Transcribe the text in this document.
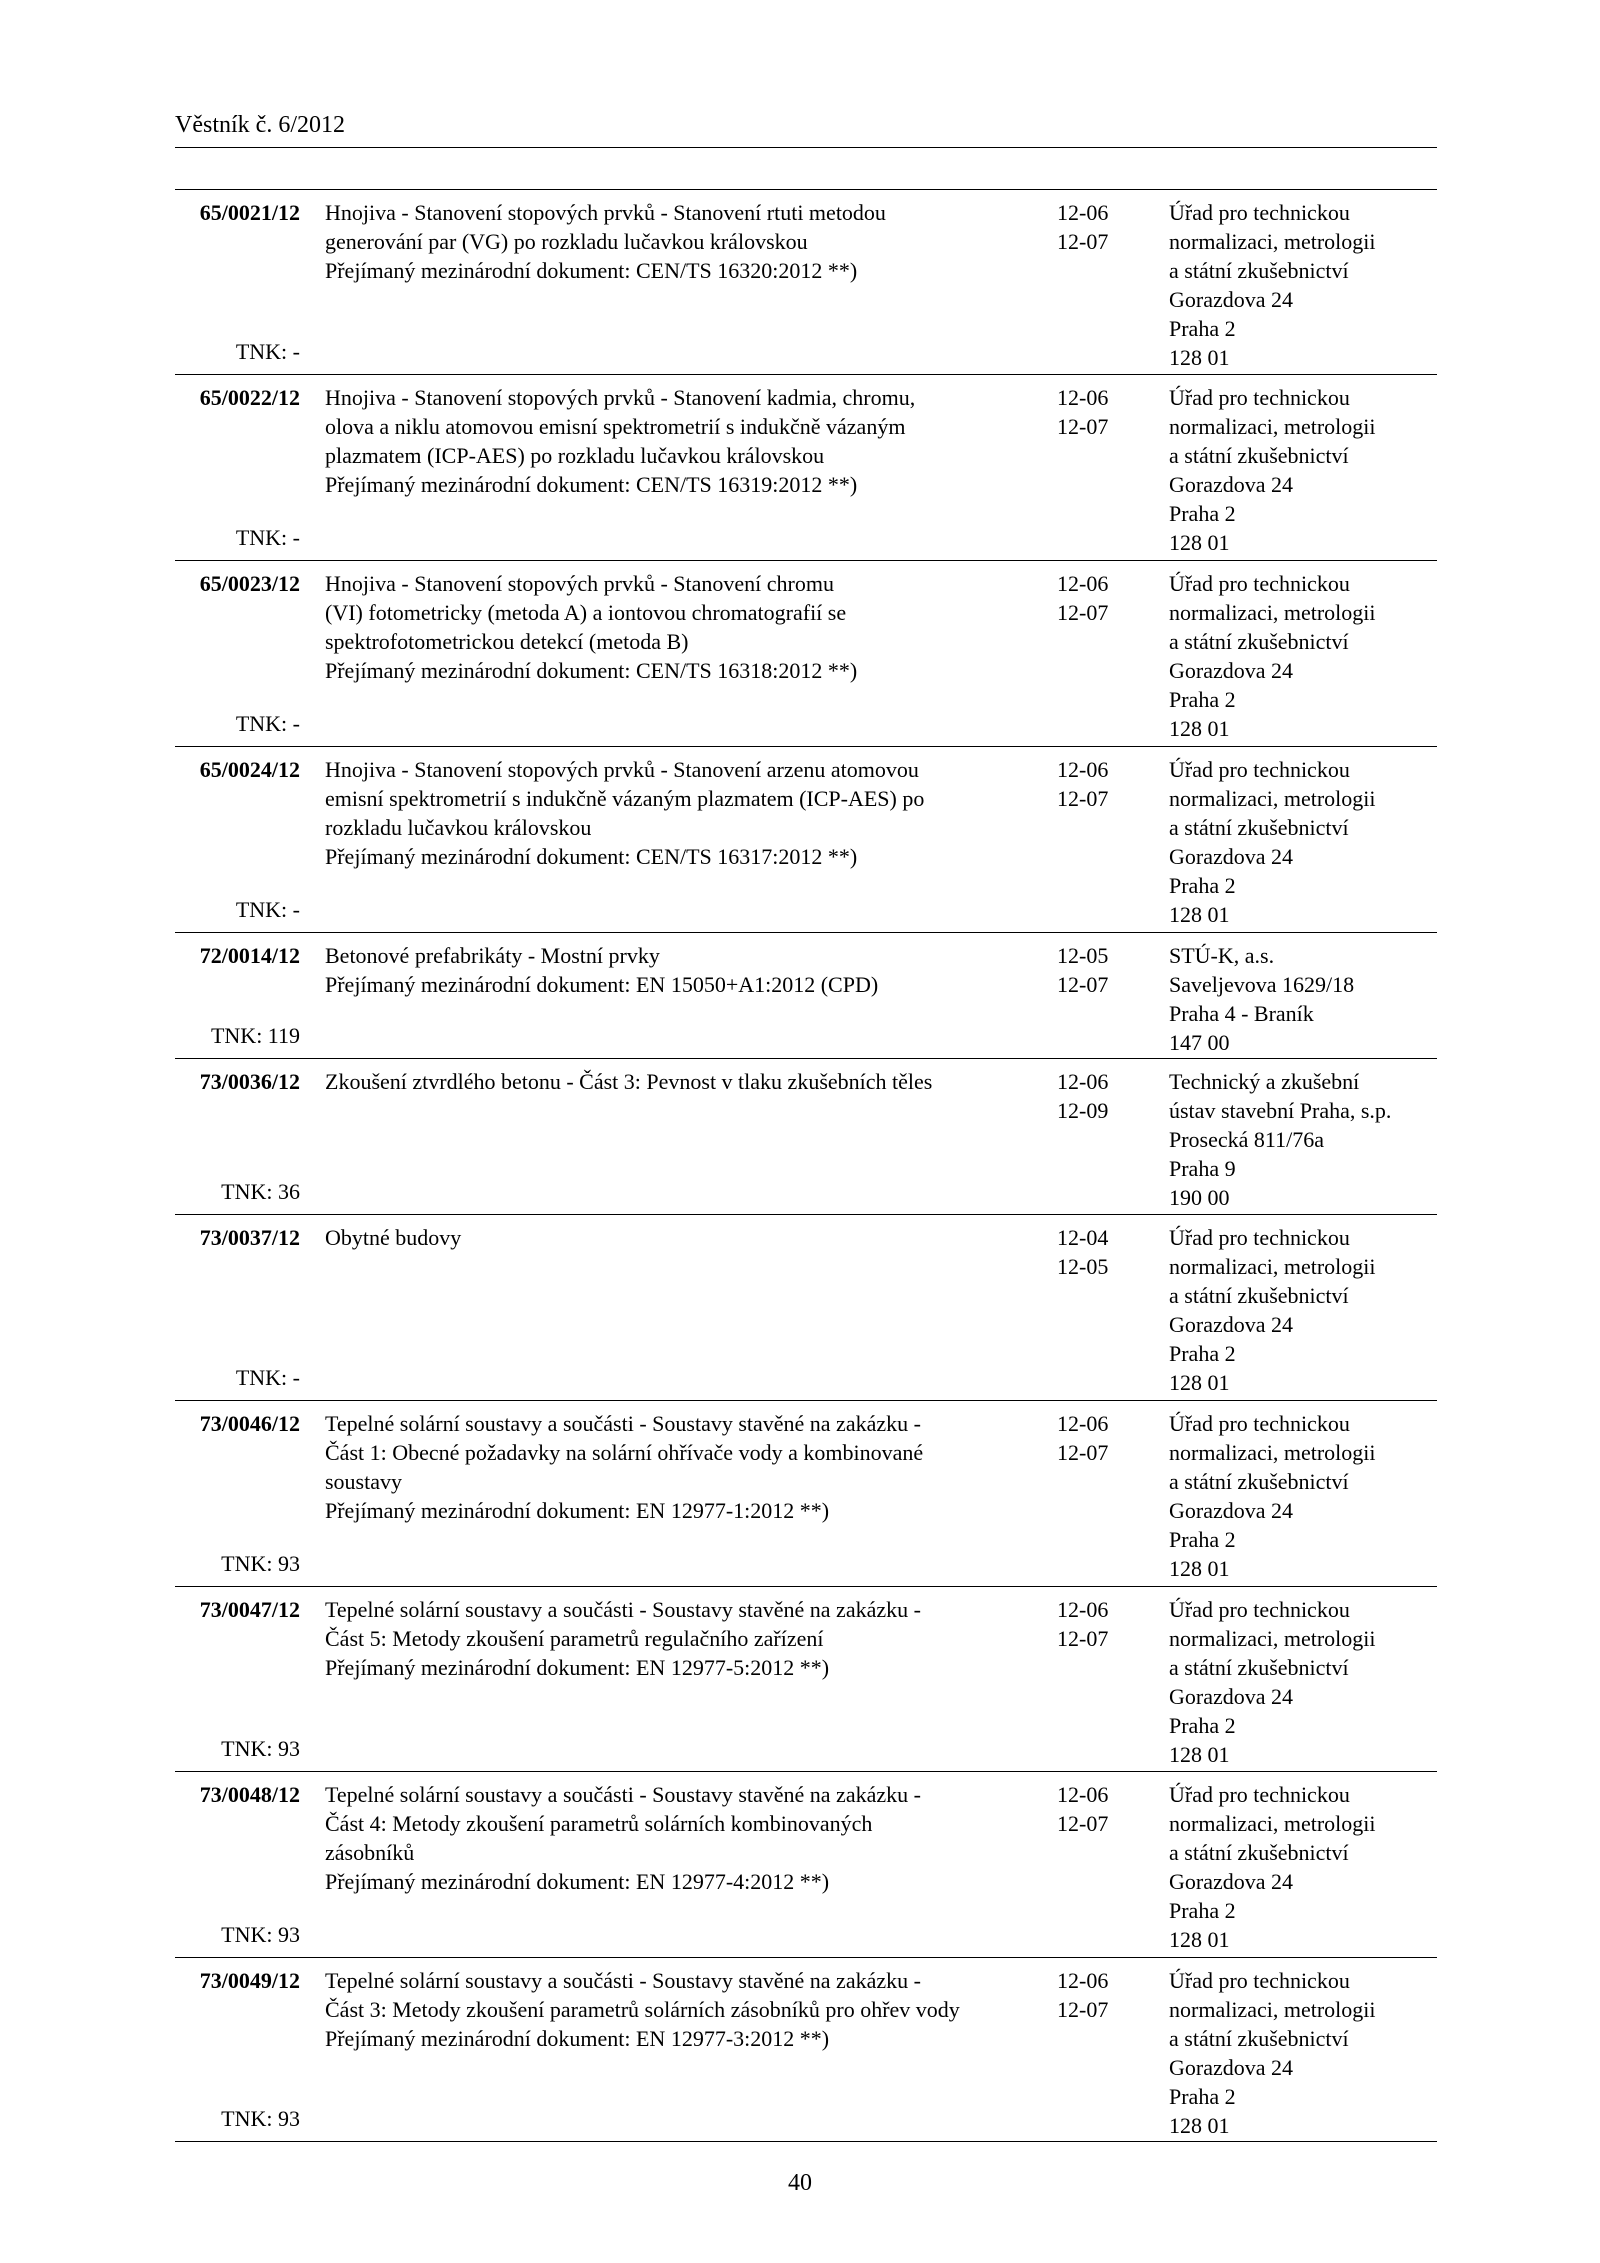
Věstník č. 6/2012
65/0021/12
TNK: -
Hnojiva - Stanovení stopových prvků - Stanovení rtuti metodou
generování par (VG) po rozkladu lučavkou královskou
Přejímaný mezinárodní dokument: CEN/TS 16320:2012 **)
12-06
12-07
Úřad pro technickou
normalizaci, metrologii
a státní zkušebnictví
Gorazdova 24
Praha 2
128 01
65/0022/12
TNK: -
Hnojiva - Stanovení stopových prvků - Stanovení kadmia, chromu,
olova a niklu atomovou emisní spektrometrií s indukčně vázaným
plazmatem (ICP-AES) po rozkladu lučavkou královskou
Přejímaný mezinárodní dokument: CEN/TS 16319:2012 **)
12-06
12-07
Úřad pro technickou
normalizaci, metrologii
a státní zkušebnictví
Gorazdova 24
Praha 2
128 01
65/0023/12
TNK: -
Hnojiva - Stanovení stopových prvků - Stanovení chromu
(VI) fotometricky (metoda A) a iontovou chromatografií se
spektrofotometrickou detekcí (metoda B)
Přejímaný mezinárodní dokument: CEN/TS 16318:2012 **)
12-06
12-07
Úřad pro technickou
normalizaci, metrologii
a státní zkušebnictví
Gorazdova 24
Praha 2
128 01
65/0024/12
TNK: -
Hnojiva - Stanovení stopových prvků - Stanovení arzenu atomovou
emisní spektrometrií s indukčně vázaným plazmatem (ICP-AES) po
rozkladu lučavkou královskou
Přejímaný mezinárodní dokument: CEN/TS 16317:2012 **)
12-06
12-07
Úřad pro technickou
normalizaci, metrologii
a státní zkušebnictví
Gorazdova 24
Praha 2
128 01
72/0014/12
TNK: 119
Betonové prefabrikáty - Mostní prvky
Přejímaný mezinárodní dokument: EN 15050+A1:2012 (CPD)
12-05
12-07
STÚ-K, a.s.
Saveljevova 1629/18
Praha 4 - Braník
147 00
73/0036/12
TNK: 36
Zkoušení ztvrdlého betonu - Část 3: Pevnost v tlaku zkušebních těles	12-06
12-09
Technický a zkušební
ústav stavební Praha, s.p.
Prosecká 811/76a
Praha 9
190 00
73/0037/12
TNK: -
Obytné budovy	12-04
12-05
Úřad pro technickou
normalizaci, metrologii
a státní zkušebnictví
Gorazdova 24
Praha 2
128 01
73/0046/12
TNK: 93
Tepelné solární soustavy a součásti - Soustavy stavěné na zakázku -
Část 1: Obecné požadavky na solární ohřívače vody a kombinované
soustavy
Přejímaný mezinárodní dokument: EN 12977-1:2012 **)
12-06
12-07
Úřad pro technickou
normalizaci, metrologii
a státní zkušebnictví
Gorazdova 24
Praha 2
128 01
73/0047/12
TNK: 93
Tepelné solární soustavy a součásti - Soustavy stavěné na zakázku -
Část 5: Metody zkoušení parametrů regulačního zařízení
Přejímaný mezinárodní dokument: EN 12977-5:2012 **)
12-06
12-07
Úřad pro technickou
normalizaci, metrologii
a státní zkušebnictví
Gorazdova 24
Praha 2
128 01
73/0048/12
TNK: 93
Tepelné solární soustavy a součásti - Soustavy stavěné na zakázku -
Část 4: Metody zkoušení parametrů solárních kombinovaných
zásobníků
Přejímaný mezinárodní dokument: EN 12977-4:2012 **)
12-06
12-07
Úřad pro technickou
normalizaci, metrologii
a státní zkušebnictví
Gorazdova 24
Praha 2
128 01
73/0049/12
TNK: 93
Tepelné solární soustavy a součásti - Soustavy stavěné na zakázku -
Část 3: Metody zkoušení parametrů solárních zásobníků pro ohřev vody
Přejímaný mezinárodní dokument: EN 12977-3:2012 **)
12-06
12-07
Úřad pro technickou
normalizaci, metrologii
a státní zkušebnictví
Gorazdova 24
Praha 2
128 01
40
